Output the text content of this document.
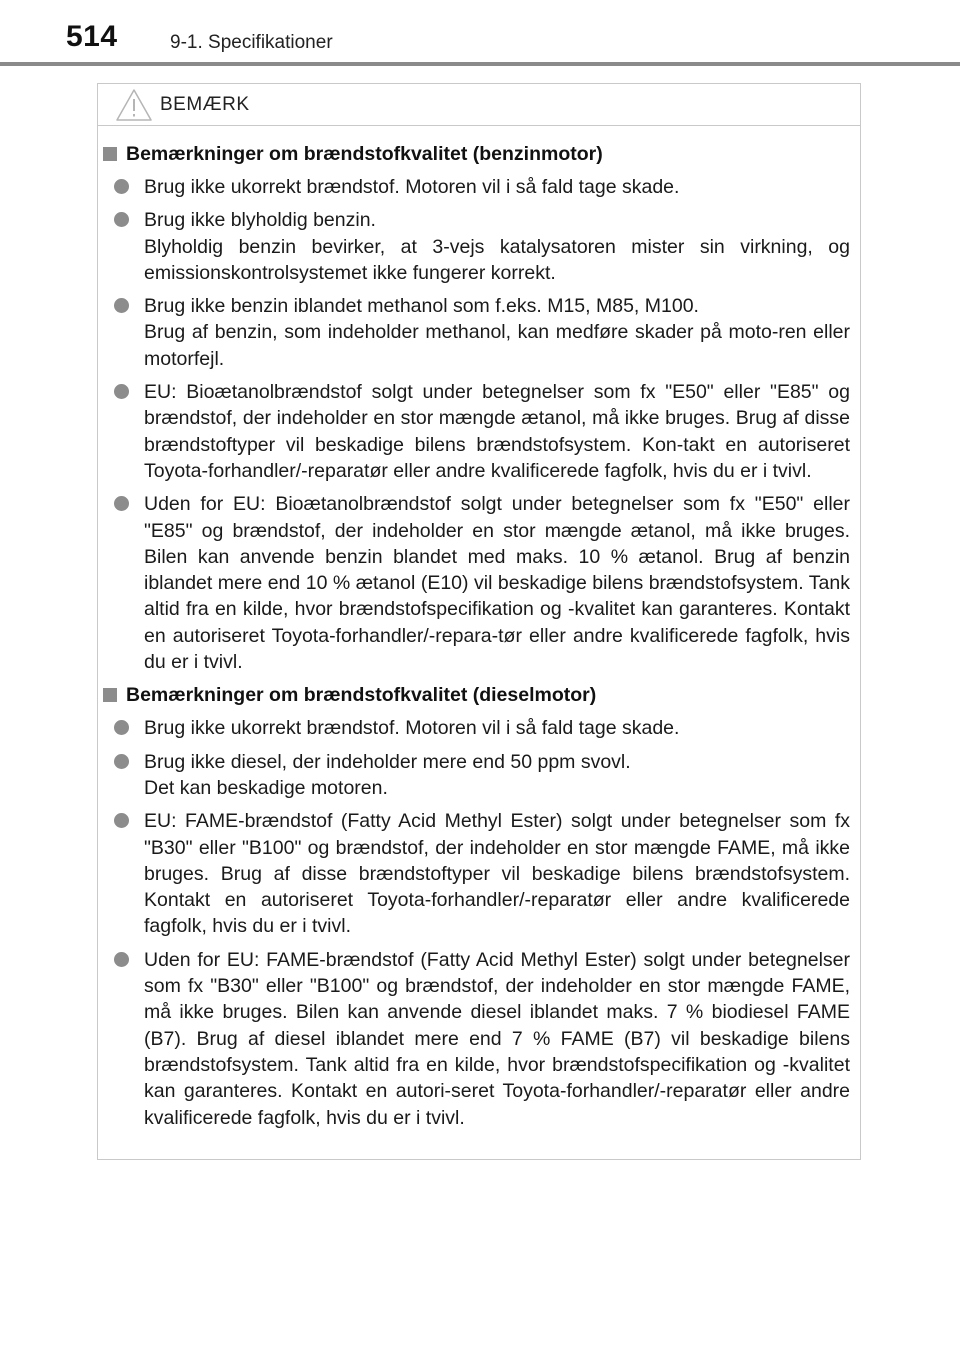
514	9-1. Specifikationer
BEMÆRK
Bemærkninger om brændstofkvalitet (benzinmotor)
Brug ikke ukorrekt brændstof. Motoren vil i så fald tage skade.
Brug ikke blyholdig benzin.
Blyholdig benzin bevirker, at 3-vejs katalysatoren mister sin virkning, og emissionskontrolsystemet ikke fungerer korrekt.
Brug ikke benzin iblandet methanol som f.eks. M15, M85, M100.
Brug af benzin, som indeholder methanol, kan medføre skader på moto-ren eller motorfejl.
EU: Bioætanolbrændstof solgt under betegnelser som fx "E50" eller "E85" og brændstof, der indeholder en stor mængde ætanol, må ikke bruges. Brug af disse brændstoftyper vil beskadige bilens brændstofsystem. Kon-takt en autoriseret Toyota-forhandler/-reparatør eller andre kvalificerede fagfolk, hvis du er i tvivl.
Uden for EU: Bioætanolbrændstof solgt under betegnelser som fx "E50" eller "E85" og brændstof, der indeholder en stor mængde ætanol, må ikke bruges. Bilen kan anvende benzin blandet med maks. 10 % ætanol. Brug af benzin iblandet mere end 10 % ætanol (E10) vil beskadige bilens brændstofsystem. Tank altid fra en kilde, hvor brændstofspecifikation og -kvalitet kan garanteres. Kontakt en autoriseret Toyota-forhandler/-repara-tør eller andre kvalificerede fagfolk, hvis du er i tvivl.
Bemærkninger om brændstofkvalitet (dieselmotor)
Brug ikke ukorrekt brændstof. Motoren vil i så fald tage skade.
Brug ikke diesel, der indeholder mere end 50 ppm svovl.
Det kan beskadige motoren.
EU: FAME-brændstof (Fatty Acid Methyl Ester) solgt under betegnelser som fx "B30" eller "B100" og brændstof, der indeholder en stor mængde FAME, må ikke bruges. Brug af disse brændstoftyper vil beskadige bilens brændstofsystem. Kontakt en autoriseret Toyota-forhandler/-reparatør eller andre kvalificerede fagfolk, hvis du er i tvivl.
Uden for EU: FAME-brændstof (Fatty Acid Methyl Ester) solgt under betegnelser som fx "B30" eller "B100" og brændstof, der indeholder en stor mængde FAME, må ikke bruges. Bilen kan anvende diesel iblandet maks. 7 % biodiesel FAME (B7). Brug af diesel iblandet mere end 7 % FAME (B7) vil beskadige bilens brændstofsystem. Tank altid fra en kilde, hvor brændstofspecifikation og -kvalitet kan garanteres. Kontakt en autori-seret Toyota-forhandler/-reparatør eller andre kvalificerede fagfolk, hvis du er i tvivl.
